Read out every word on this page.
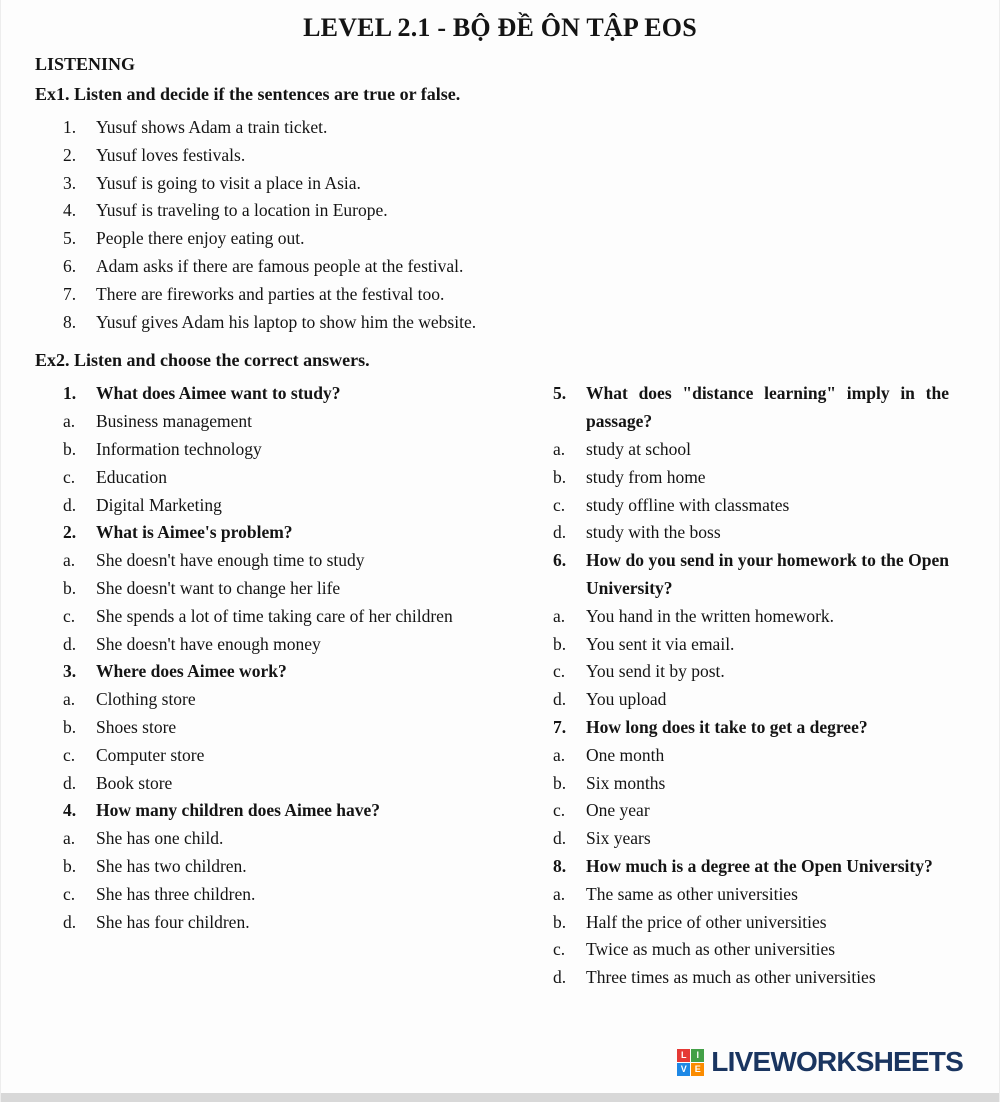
LEVEL 2.1 - BỘ ĐỀ ÔN TẬP EOS
LISTENING
Ex1. Listen and decide if the sentences are true or false.
1.	Yusuf shows Adam a train ticket.
2.	Yusuf loves festivals.
3.	Yusuf is going to visit a place in Asia.
4.	Yusuf is traveling to a location in Europe.
5.	People there enjoy eating out.
6.	Adam asks if there are famous people at the festival.
7.	There are fireworks and parties at the festival too.
8.	Yusuf gives Adam his laptop to show him the website.
Ex2. Listen and choose the correct answers.
1.	What does Aimee want to study?
a.	Business management
b.	Information technology
c.	Education
d.	Digital Marketing
2.	What is Aimee's problem?
a.	She doesn't have enough time to study
b.	She doesn't want to change her life
c.	She spends a lot of time taking care of her children
d.	She doesn't have enough money
3.	Where does Aimee work?
a.	Clothing store
b.	Shoes store
c.	Computer store
d.	Book store
4.	How many children does Aimee have?
a.	She has one child.
b.	She has two children.
c.	She has three children.
d.	She has four children.
5.	What does "distance learning" imply in the passage?
a.	study at school
b.	study from home
c.	study offline with classmates
d.	study with the boss
6.	How do you send in your homework to the Open University?
a.	You hand in the written homework.
b.	You sent it via email.
c.	You send it by post.
d.	You upload
7.	How long does it take to get a degree?
a.	One month
b.	Six months
c.	One year
d.	Six years
8.	How much is a degree at the Open University?
a.	The same as other universities
b.	Half the price of other universities
c.	Twice as much as other universities
d.	Three times as much as other universities
L	I
V E LIVEWORKSHEETS
